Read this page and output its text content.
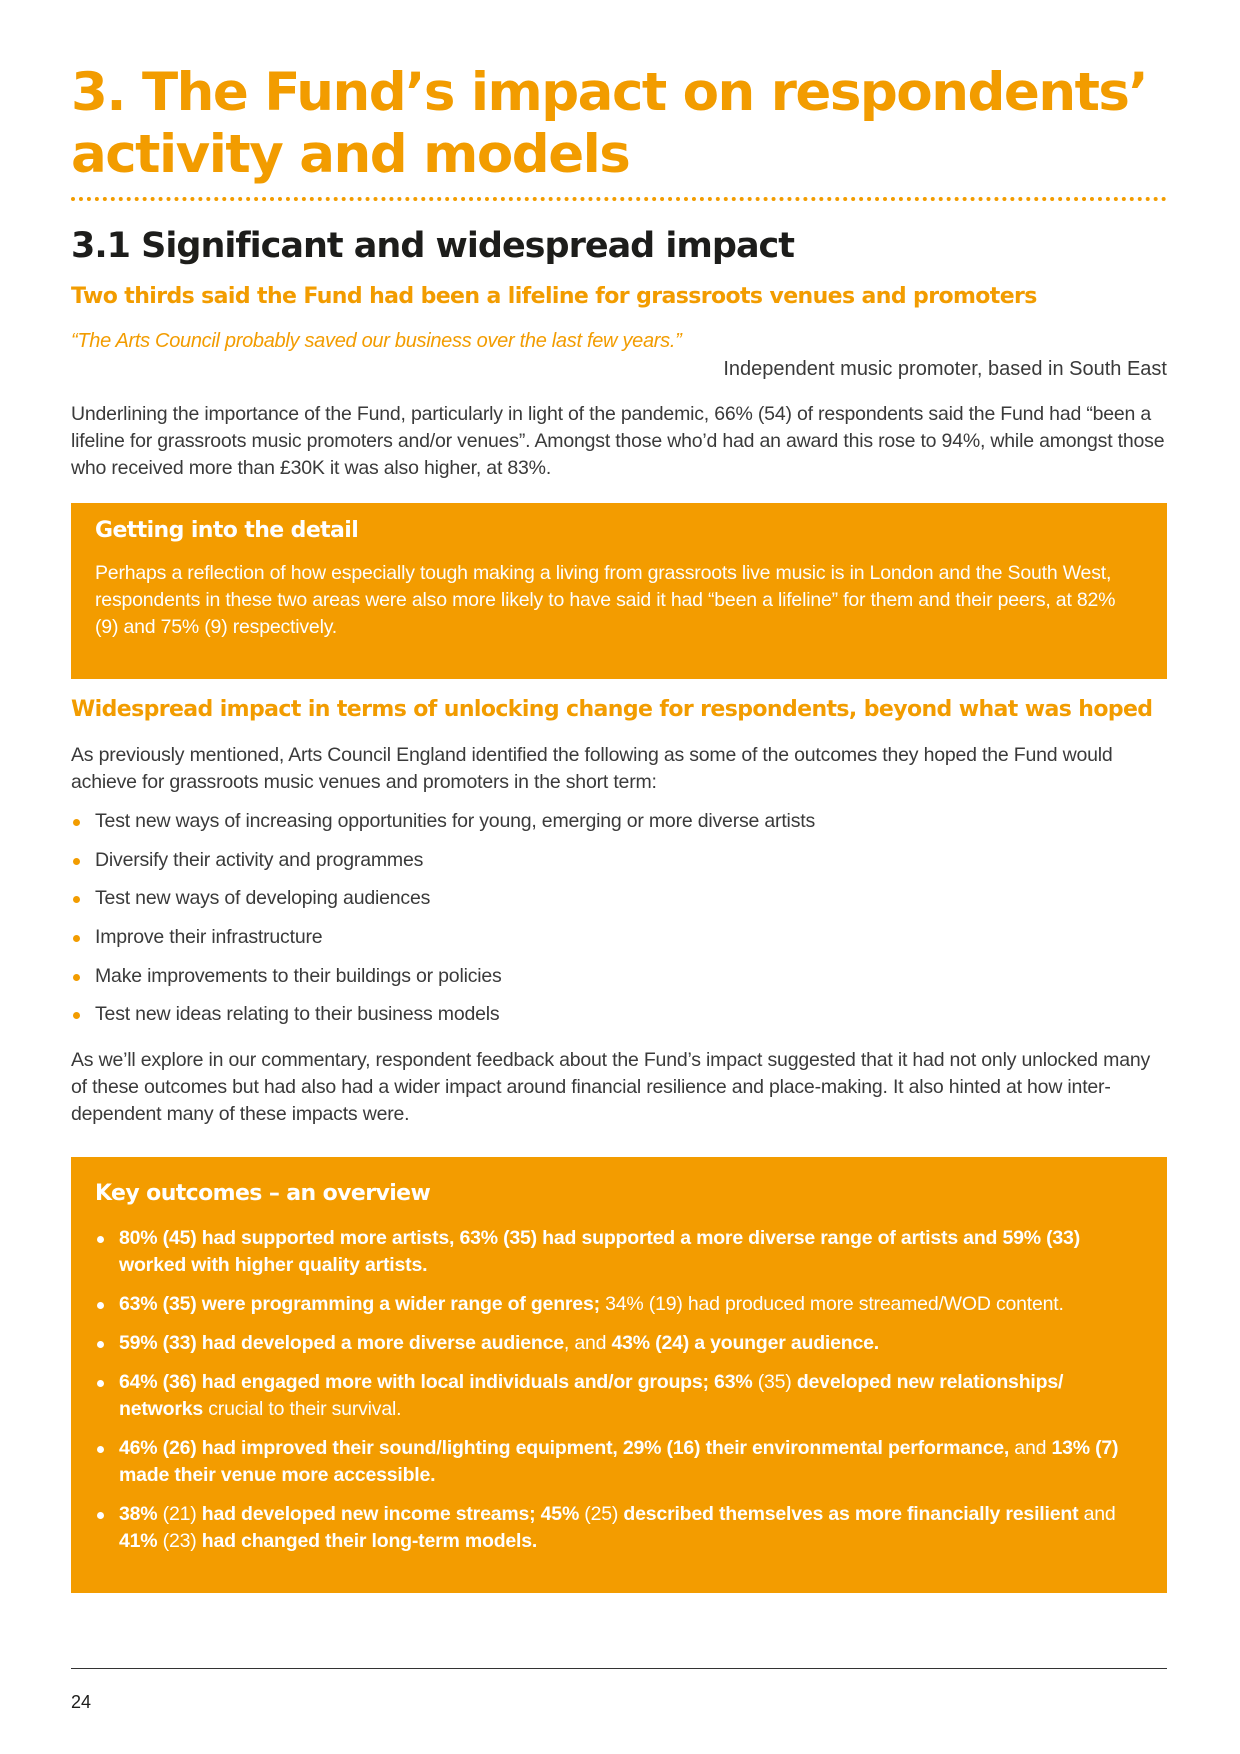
3. The Fund’s impact on respondents’ activity and models
3.1 Significant and widespread impact
Two thirds said the Fund had been a lifeline for grassroots venues and promoters
“The Arts Council probably saved our business over the last few years.”
Independent music promoter, based in South East

Underlining the importance of the Fund, particularly in light of the pandemic, 66% (54) of respondents said the Fund had “been a lifeline for grassroots music promoters and/or venues”. Amongst those who’d had an award this rose to 94%, while amongst those who received more than £30K it was also higher, at 83%.

Getting into the detail

Perhaps a reflection of how especially tough making a living from grassroots live music is in London and the South West, respondents in these two areas were also more likely to have said it had “been a lifeline” for them and their peers, at 82% (9) and 75% (9) respectively.

Widespread impact in terms of unlocking change for respondents, beyond what was hoped

As previously mentioned, Arts Council England identified the following as some of the outcomes they hoped the Fund would achieve for grassroots music venues and promoters in the short term:

Test new ways of increasing opportunities for young, emerging or more diverse artists
Diversify their activity and programmes
Test new ways of developing audiences
Improve their infrastructure
Make improvements to their buildings or policies
Test new ideas relating to their business models

As we’ll explore in our commentary, respondent feedback about the Fund’s impact suggested that it had not only unlocked many of these outcomes but had also had a wider impact around financial resilience and place-making. It also hinted at how inter-dependent many of these impacts were.

Key outcomes – an overview
80% (45) had supported more artists, 63% (35) had supported a more diverse range of artists and 59% (33) worked with higher quality artists.
63% (35) were programming a wider range of genres; 34% (19) had produced more streamed/WOD content.
59% (33) had developed a more diverse audience, and 43% (24) a younger audience.
64% (36) had engaged more with local individuals and/or groups; 63% (35) developed new relationships/ networks crucial to their survival.
46% (26) had improved their sound/lighting equipment, 29% (16) their environmental performance, and 13% (7) made their venue more accessible.
38% (21) had developed new income streams; 45% (25) described themselves as more financially resilient and 41% (23) had changed their long-term models.
24
